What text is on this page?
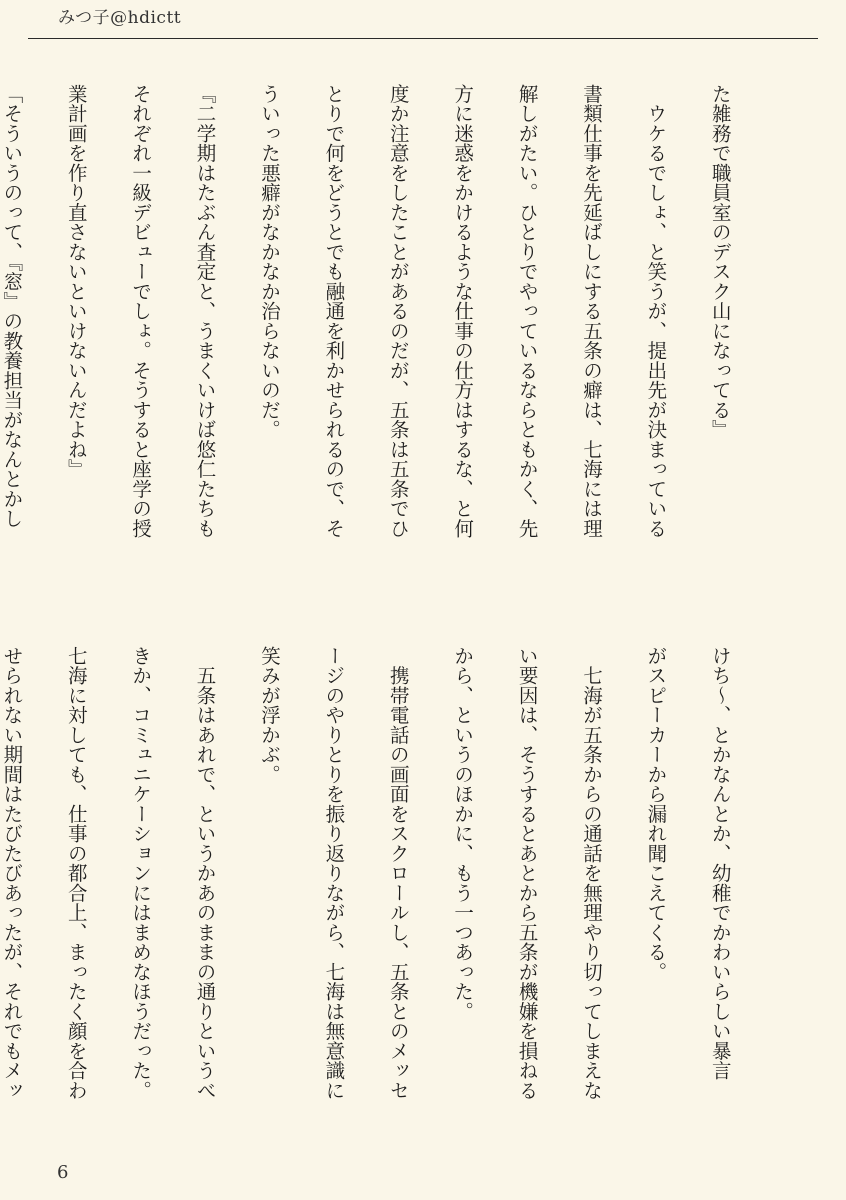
みつ子@hdictt

た雑務で職員室のデスク山になってる』

　ウケるでしょ、と笑うが、提出先が決まっている

書類仕事を先延ばしにする五条の癖は、七海には理

解しがたい。ひとりでやっているならともかく、先

方に迷惑をかけるような仕事の仕方はするな、と何

度か注意をしたことがあるのだが、五条は五条でひ

とりで何をどうとでも融通を利かせられるので、そ

ういった悪癖がなかなか治らないのだ。

『二学期はたぶん査定と、うまくいけば悠仁たちも

それぞれ一級デビューでしょ。そうすると座学の授

業計画を作り直さないといけないんだよね』

「そういうのって、『窓』の教養担当がなんとかし

けち〜、とかなんとか、幼稚でかわいらしい暴言

がスピーカーから漏れ聞こえてくる。

　七海が五条からの通話を無理やり切ってしまえな

い要因は、そうするとあとから五条が機嫌を損ねる

から、というのほかに、もう一つあった。

　携帯電話の画面をスクロールし、五条とのメッセ

ージのやりとりを振り返りながら、七海は無意識に

笑みが浮かぶ。

　五条はあれで、というかあのままの通りというべ

きか、コミュニケーションにはまめなほうだった。

七海に対しても、仕事の都合上、まったく顔を合わ

せられない期間はたびたびあったが、それでもメッ

6
